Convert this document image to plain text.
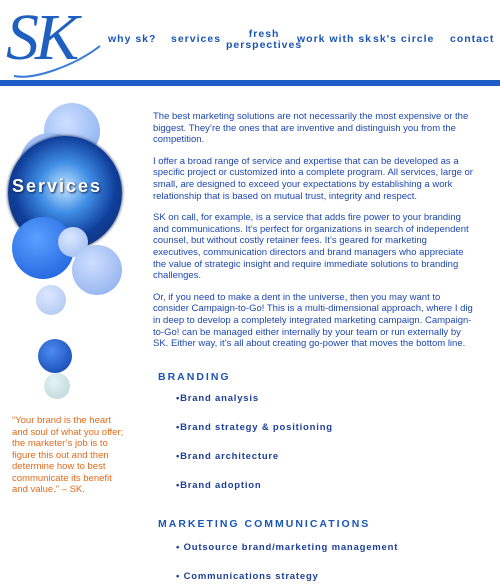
SK	why sk? services	fresh
perspectives
work with sk sk's circle contact
Services
“Your brand is the heart and soul of what you offer; the marketer’s job is to figure this out and then determine how to best communicate its benefit and value.” – SK.

The best marketing solutions are not necessarily the most expensive or the biggest. They’re the ones that are inventive and distinguish you from the competition.

I offer a broad range of service and expertise that can be developed as a specific project or customized into a complete program. All services, large or small, are designed to exceed your expectations by establishing a work relationship that is based on mutual trust, integrity and respect.

SK on call, for example, is a service that adds fire power to your branding and communications. It’s perfect for organizations in search of independent counsel, but without costly retainer fees. It’s geared for marketing executives, communication directors and brand managers who appreciate the value of strategic insight and require immediate solutions to branding challenges.

Or, if you need to make a dent in the universe, then you may want to consider Campaign-to-Go! This is a multi-dimensional approach, where I dig in deep to develop a completely integrated marketing campaign. Campaign-to-Go! can be managed either internally by your team or run externally by SK. Either way, it’s all about creating go-power that moves the bottom line.

BRANDING
•Brand analysis
•Brand strategy & positioning
•Brand architecture
•Brand adoption
MARKETING COMMUNICATIONS
• Outsource brand/marketing management
• Communications strategy
